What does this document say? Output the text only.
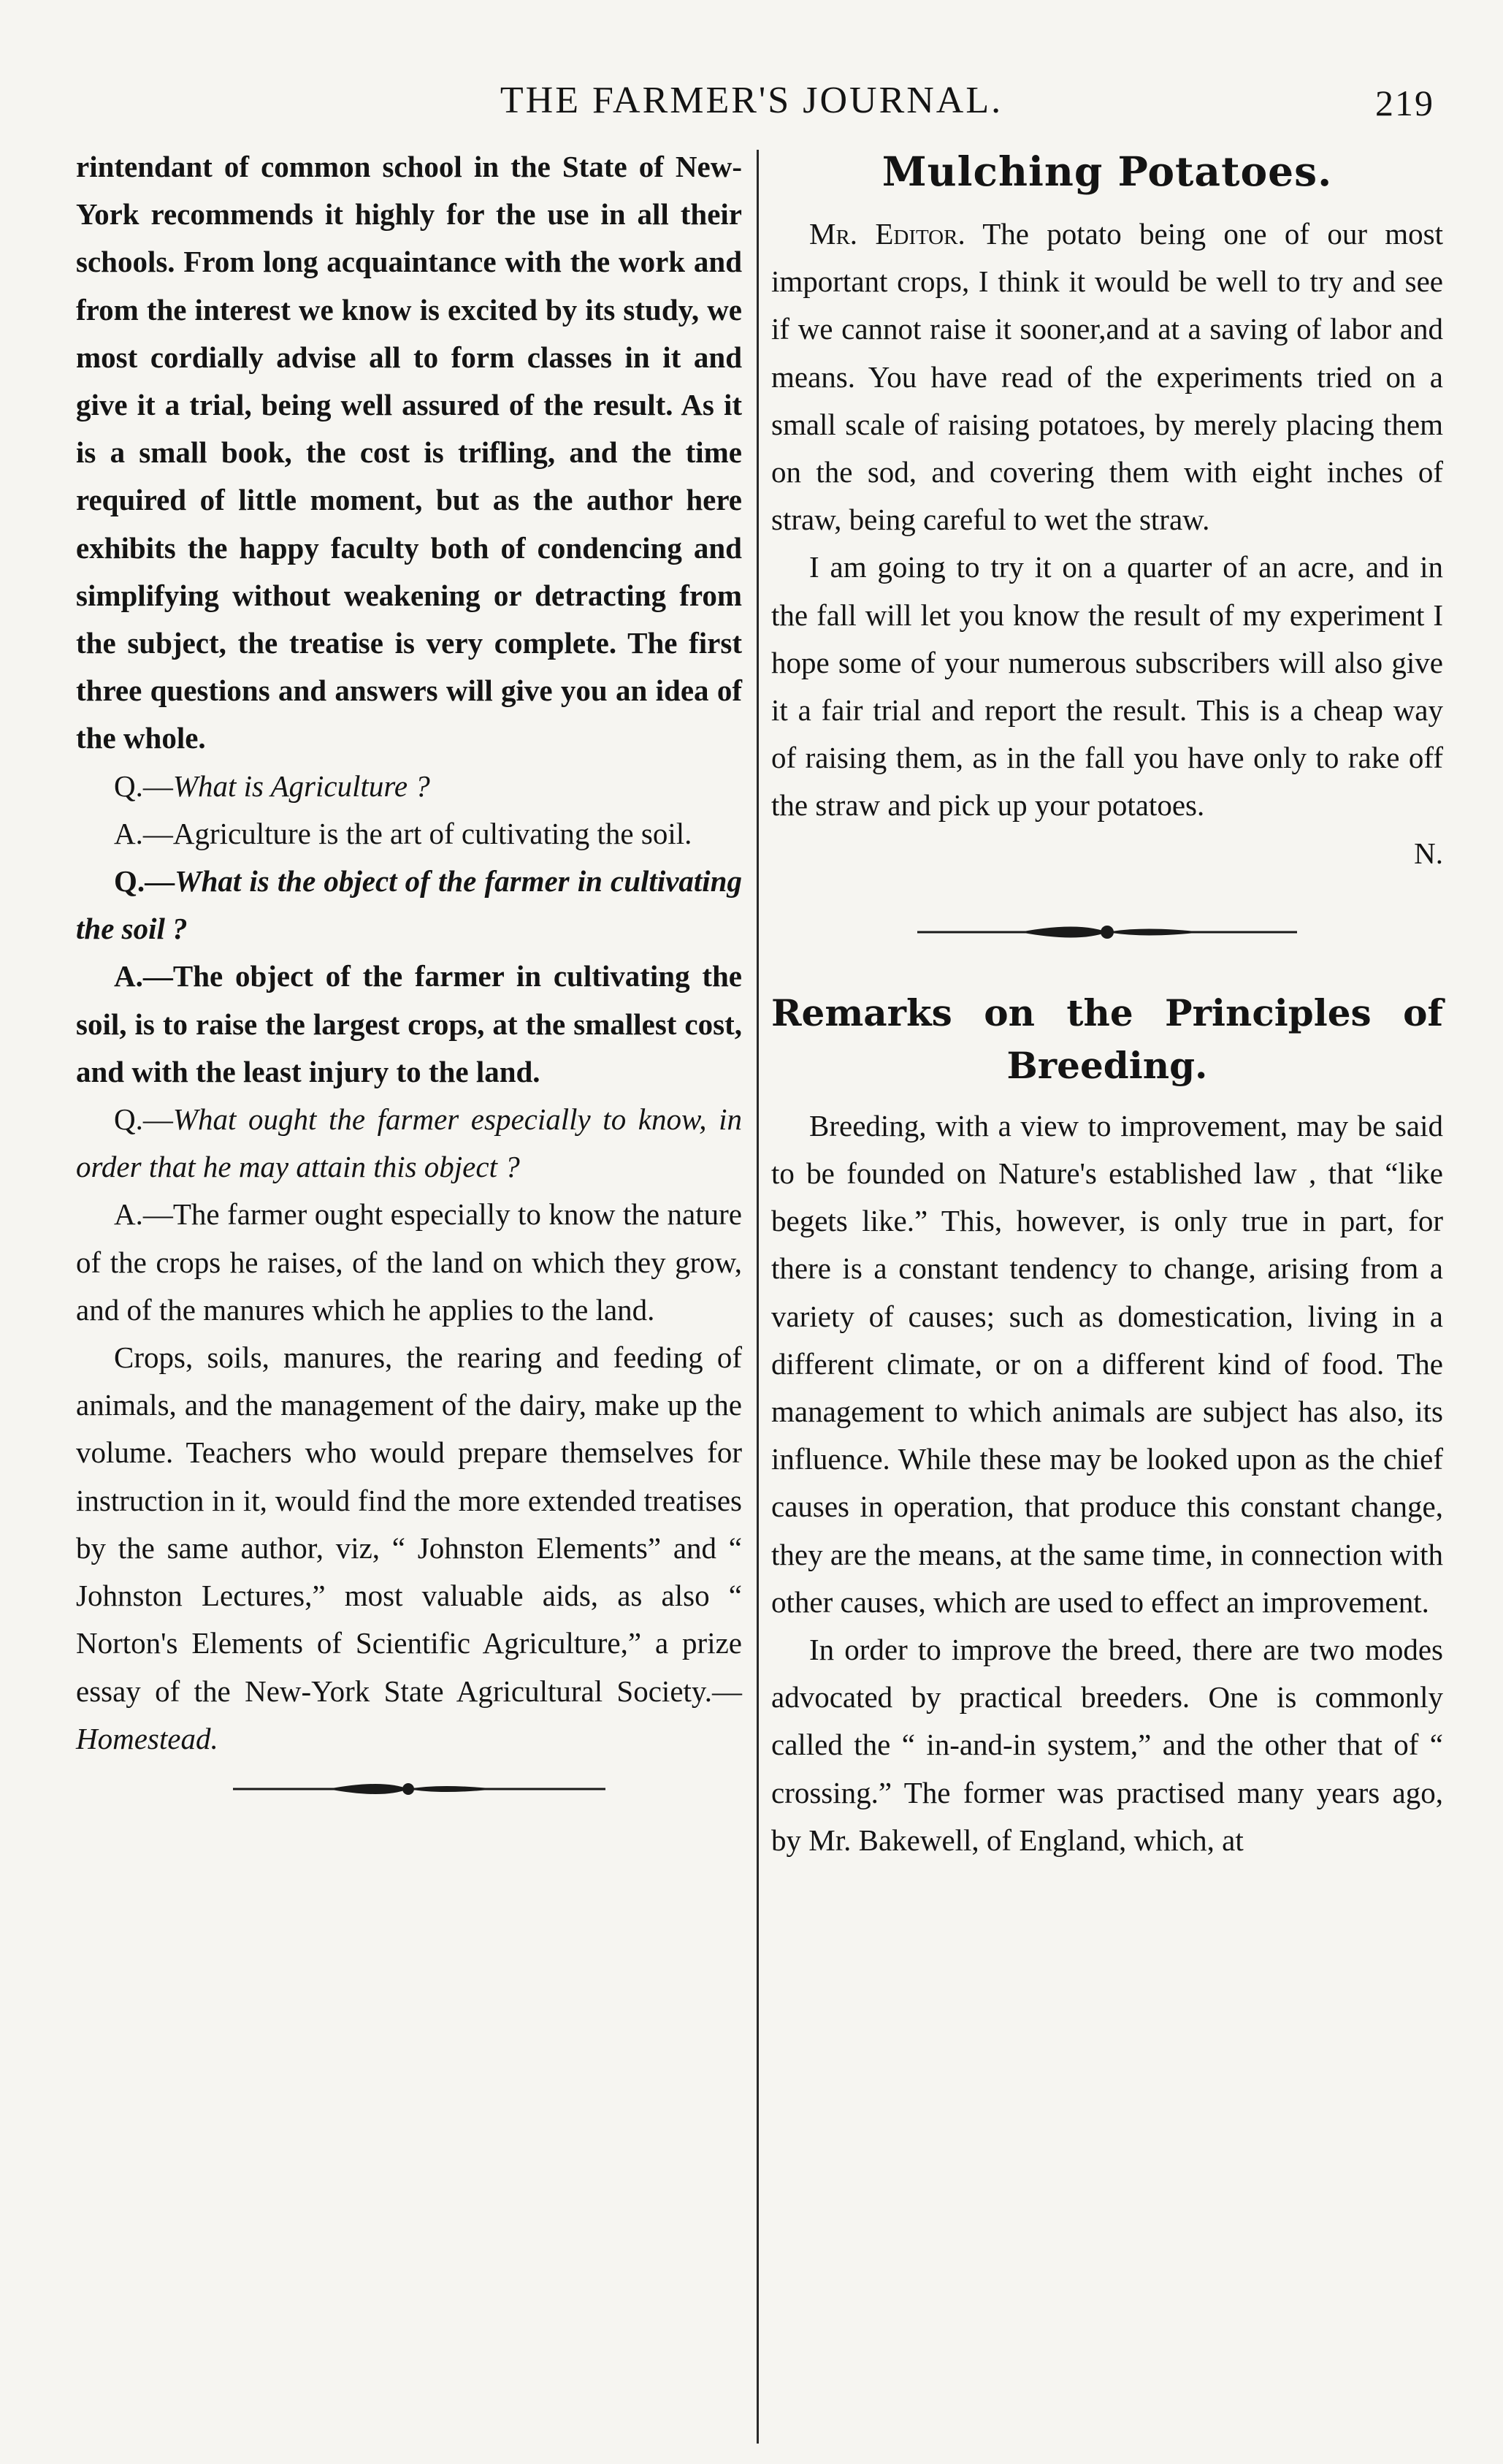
THE FARMER'S JOURNAL.	219

rintendant of common school in the State of New-York recommends it highly for the use in all their schools. From long acquaintance with the work and from the interest we know is excited by its study, we most cordially advise all to form classes in it and give it a trial, being well assured of the result. As it is a small book, the cost is trifling, and the time required of little moment, but as the author here exhibits the happy faculty both of condencing and simplifying without weakening or detracting from the subject, the treatise is very complete. The first three questions and answers will give you an idea of the whole.

Q.—What is Agriculture ?

A.—Agriculture is the art of cultivating the soil.

Q.—What is the object of the farmer in cultivating the soil ?

A.—The object of the farmer in cultivating the soil, is to raise the largest crops, at the smallest cost, and with the least injury to the land.

Q.—What ought the farmer especially to know, in order that he may attain this object ?

A.—The farmer ought especially to know the nature of the crops he raises, of the land on which they grow, and of the manures which he applies to the land.

Crops, soils, manures, the rearing and feeding of animals, and the management of the dairy, make up the volume. Teachers who would prepare themselves for instruction in it, would find the more extended treatises by the same author, viz, “ Johnston Elements” and “ Johnston Lectures,” most valuable aids, as also “ Norton's Elements of Scientific Agriculture,” a prize essay of the New-York State Agricultural Society.—Homestead.

Mulching Potatoes.

Mr. Editor. The potato being one of our most important crops, I think it would be well to try and see if we cannot raise it sooner,and at a saving of labor and means. You have read of the experiments tried on a small scale of raising potatoes, by merely placing them on the sod, and covering them with eight inches of straw, being careful to wet the straw.

I am going to try it on a quarter of an acre, and in the fall will let you know the result of my experiment I hope some of your numerous subscribers will also give it a fair trial and report the result. This is a cheap way of raising them, as in the fall you have only to rake off the straw and pick up your potatoes.

N.

Remarks on the Principles of
Breeding.

Breeding, with a view to improvement, may be said to be founded on Nature's established law , that “like begets like.” This, however, is only true in part, for there is a constant tendency to change, arising from a variety of causes; such as domestication, living in a different climate, or on a different kind of food. The management to which animals are subject has also, its influence. While these may be looked upon as the chief causes in operation, that produce this constant change, they are the means, at the same time, in connection with other causes, which are used to effect an improvement.

In order to improve the breed, there are two modes advocated by practical breeders. One is commonly called the “ in-and-in system,” and the other that of “ crossing.” The former was practised many years ago, by Mr. Bakewell, of England, which, at
